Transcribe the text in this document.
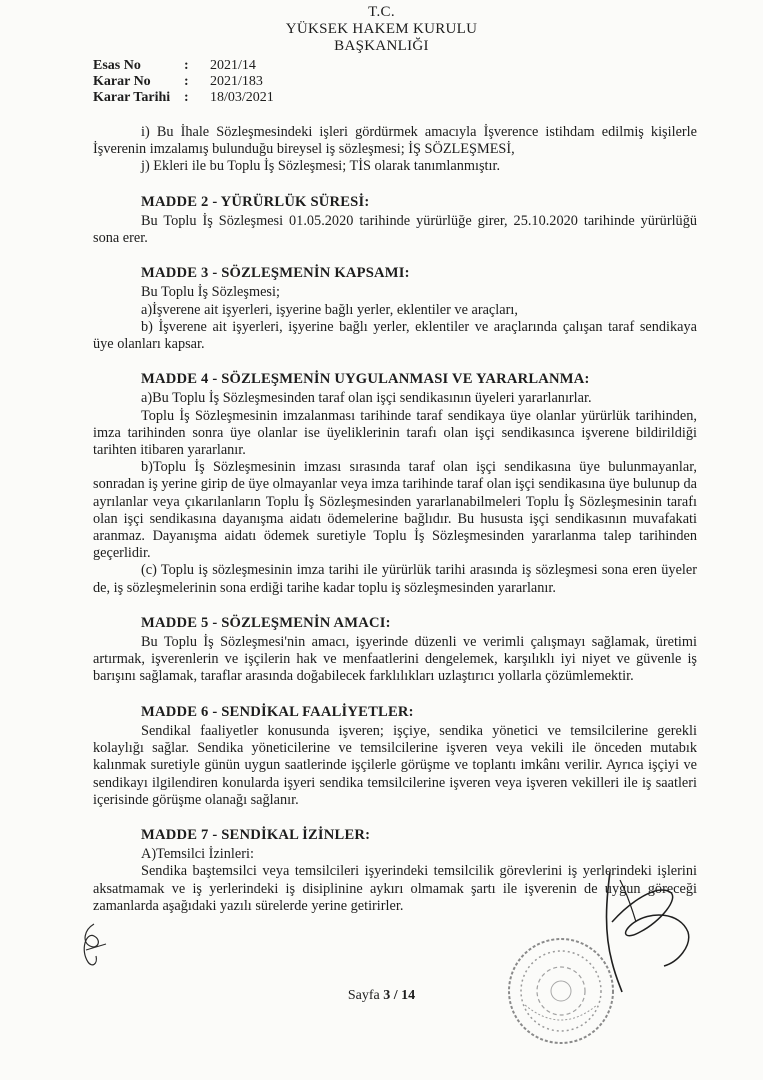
T.C.
YÜKSEK HAKEM KURULU
BAŞKANLIĞI
Esas No	:	2021/14
Karar No	:	2021/183
Karar Tarihi :	18/03/2021

i) Bu İhale Sözleşmesindeki işleri gördürmek amacıyla İşverence istihdam edilmiş kişilerle İşverenin imzalamış bulunduğu bireysel iş sözleşmesi; İŞ SÖZLEŞMESİ,

j) Ekleri ile bu Toplu İş Sözleşmesi; TİS olarak tanımlanmıştır.

MADDE 2 - YÜRÜRLÜK SÜRESİ:

Bu Toplu İş Sözleşmesi 01.05.2020 tarihinde yürürlüğe girer, 25.10.2020 tarihinde yürürlüğü sona erer.

MADDE 3 - SÖZLEŞMENİN KAPSAMI:

Bu Toplu İş Sözleşmesi;

a)İşverene ait işyerleri, işyerine bağlı yerler, eklentiler ve araçları,

b) İşverene ait işyerleri, işyerine bağlı yerler, eklentiler ve araçlarında çalışan taraf sendikaya üye olanları kapsar.

MADDE 4 - SÖZLEŞMENİN UYGULANMASI VE YARARLANMA:

a)Bu Toplu İş Sözleşmesinden taraf olan işçi sendikasının üyeleri yararlanırlar.

Toplu İş Sözleşmesinin imzalanması tarihinde taraf sendikaya üye olanlar yürürlük tarihinden, imza tarihinden sonra üye olanlar ise üyeliklerinin tarafı olan işçi sendikasınca işverene bildirildiği tarihten itibaren yararlanır.

b)Toplu İş Sözleşmesinin imzası sırasında taraf olan işçi sendikasına üye bulunmayanlar, sonradan iş yerine girip de üye olmayanlar veya imza tarihinde taraf olan işçi sendikasına üye bulunup da ayrılanlar veya çıkarılanların Toplu İş Sözleşmesinden yararlanabilmeleri Toplu İş Sözleşmesinin tarafı olan işçi sendikasına dayanışma aidatı ödemelerine bağlıdır. Bu hususta işçi sendikasının muvafakati aranmaz. Dayanışma aidatı ödemek suretiyle Toplu İş Sözleşmesinden yararlanma talep tarihinden geçerlidir.

(c) Toplu iş sözleşmesinin imza tarihi ile yürürlük tarihi arasında iş sözleşmesi sona eren üyeler de, iş sözleşmelerinin sona erdiği tarihe kadar toplu iş sözleşmesinden yararlanır.

MADDE 5 - SÖZLEŞMENİN AMACI:

Bu Toplu İş Sözleşmesi'nin amacı, işyerinde düzenli ve verimli çalışmayı sağlamak, üretimi artırmak, işverenlerin ve işçilerin hak ve menfaatlerini dengelemek, karşılıklı iyi niyet ve güvenle iş barışını sağlamak, taraflar arasında doğabilecek farklılıkları uzlaştırıcı yollarla çözümlemektir.

MADDE 6 - SENDİKAL FAALİYETLER:

Sendikal faaliyetler konusunda işveren; işçiye, sendika yönetici ve temsilcilerine gerekli kolaylığı sağlar. Sendika yöneticilerine ve temsilcilerine işveren veya vekili ile önceden mutabık kalınmak suretiyle günün uygun saatlerinde işçilerle görüşme ve toplantı imkânı verilir. Ayrıca işçiyi ve sendikayı ilgilendiren konularda işyeri sendika temsilcilerine işveren veya işveren vekilleri ile iş saatleri içerisinde görüşme olanağı sağlanır.

MADDE 7 - SENDİKAL İZİNLER:

A)Temsilci İzinleri:

Sendika baştemsilci veya temsilcileri işyerindeki temsilcilik görevlerini iş yerlerindeki işlerini aksatmamak ve iş yerlerindeki iş disiplinine aykırı olmamak şartı ile işverenin de uygun göreceği zamanlarda aşağıdaki yazılı sürelerde yerine getirirler.

Sayfa 3 / 14
